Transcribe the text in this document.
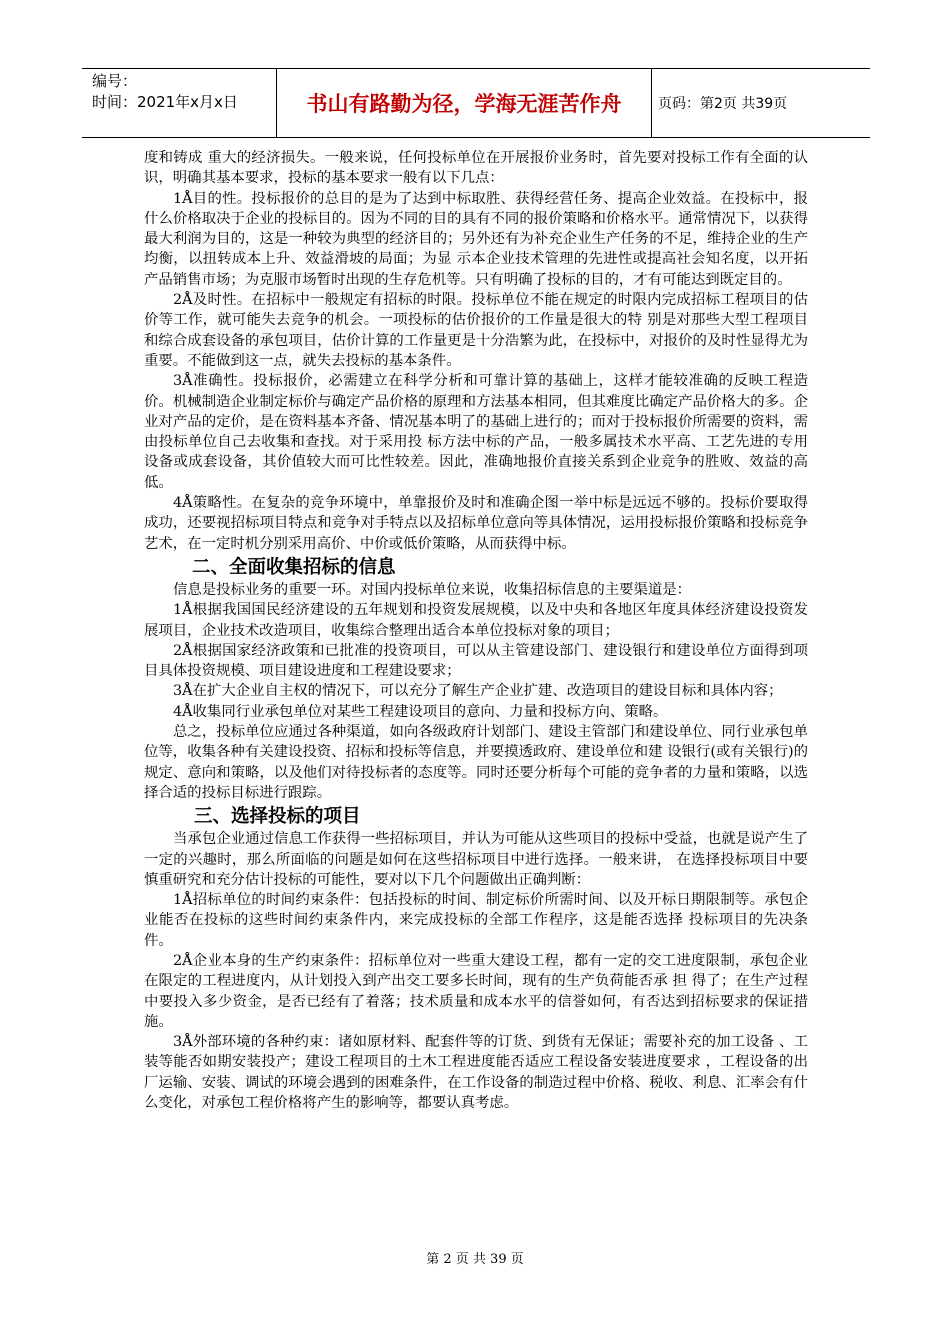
编号：
时间：2021年x月x日	书山有路勤为径，学海无涯苦作舟	页码：第2页 共39页

度和铸成 重大的经济损失。一般来说，任何投标单位在开展报价业务时，首先要对投标工作有全面的认识，明确其基本要求，投标的基本要求一般有以下几点：

1Å目的性。投标报价的总目的是为了达到中标取胜、获得经营任务、提高企业效益。在投标中，报什么价格取决于企业的投标目的。因为不同的目的具有不同的报价策略和价格水平。通常情况下，以获得最大利润为目的，这是一种较为典型的经济目的；另外还有为补充企业生产任务的不足，维持企业的生产均衡，以扭转成本上升、效益滑坡的局面；为显 示本企业技术管理的先进性或提高社会知名度，以开拓产品销售市场；为克服市场暂时出现的生存危机等。只有明确了投标的目的，才有可能达到既定目的。

2Å及时性。在招标中一般规定有招标的时限。投标单位不能在规定的时限内完成招标工程项目的估价等工作，就可能失去竞争的机会。一项投标的估价报价的工作量是很大的特 别是对那些大型工程项目和综合成套设备的承包项目，估价计算的工作量更是十分浩繁为此，在投标中，对报价的及时性显得尤为重要。不能做到这一点，就失去投标的基本条件。

3Å准确性。投标报价，必需建立在科学分析和可靠计算的基础上，这样才能较准确的反映工程造价。机械制造企业制定标价与确定产品价格的原理和方法基本相同，但其难度比确定产品价格大的多。企业对产品的定价，是在资料基本齐备、情况基本明了的基础上进行的；而对于投标报价所需要的资料，需由投标单位自己去收集和查找。对于采用投 标方法中标的产品，一般多属技术水平高、工艺先进的专用设备或成套设备，其价值较大而可比性较差。因此，准确地报价直接关系到企业竞争的胜败、效益的高低。

4Å策略性。在复杂的竞争环境中，单靠报价及时和准确企图一举中标是远远不够的。投标价要取得成功，还要视招标项目特点和竞争对手特点以及招标单位意向等具体情况，运用投标报价策略和投标竞争艺术，在一定时机分别采用高价、中价或低价策略，从而获得中标。

二、全面收集招标的信息

信息是投标业务的重要一环。对国内投标单位来说，收集招标信息的主要渠道是：

1Å根据我国国民经济建设的五年规划和投资发展规模，以及中央和各地区年度具体经济建设投资发展项目，企业技术改造项目，收集综合整理出适合本单位投标对象的项目；

2Å根据国家经济政策和已批准的投资项目，可以从主管建设部门、建设银行和建设单位方面得到项目具体投资规模、项目建设进度和工程建设要求；

3Å在扩大企业自主权的情况下，可以充分了解生产企业扩建、改造项目的建设目标和具体内容；

4Å收集同行业承包单位对某些工程建设项目的意向、力量和投标方向、策略。

总之，投标单位应通过各种渠道，如向各级政府计划部门、建设主管部门和建设单位、同行业承包单位等，收集各种有关建设投资、招标和投标等信息，并要摸透政府、建设单位和建 设银行(或有关银行)的规定、意向和策略，以及他们对待投标者的态度等。同时还要分析每个可能的竞争者的力量和策略，以选择合适的投标目标进行跟踪。

三、选择投标的项目

当承包企业通过信息工作获得一些招标项目，并认为可能从这些项目的投标中受益，也就是说产生了一定的兴趣时，那么所面临的问题是如何在这些招标项目中进行选择。一般来讲， 在选择投标项目中要慎重研究和充分估计投标的可能性，要对以下几个问题做出正确判断：

1Å招标单位的时间约束条件：包括投标的时间、制定标价所需时间、以及开标日期限制等。承包企业能否在投标的这些时间约束条件内，来完成投标的全部工作程序，这是能否选择 投标项目的先决条件。

2Å企业本身的生产约束条件：招标单位对一些重大建设工程，都有一定的交工进度限制，承包企业在限定的工程进度内，从计划投入到产出交工要多长时间，现有的生产负荷能否承 担 得了；在生产过程中要投入多少资金，是否已经有了着落；技术质量和成本水平的信誉如何，有否达到招标要求的保证措施。

3Å外部环境的各种约束：诸如原材料、配套件等的订货、到货有无保证；需要补充的加工设备 、工装等能否如期安装投产；建设工程项目的土木工程进度能否适应工程设备安装进度要求 ，工程设备的出厂运输、安装、调试的环境会遇到的困难条件，在工作设备的制造过程中价格、税收、利息、汇率会有什么变化，对承包工程价格将产生的影响等，都要认真考虑。

第 2 页 共 39 页
